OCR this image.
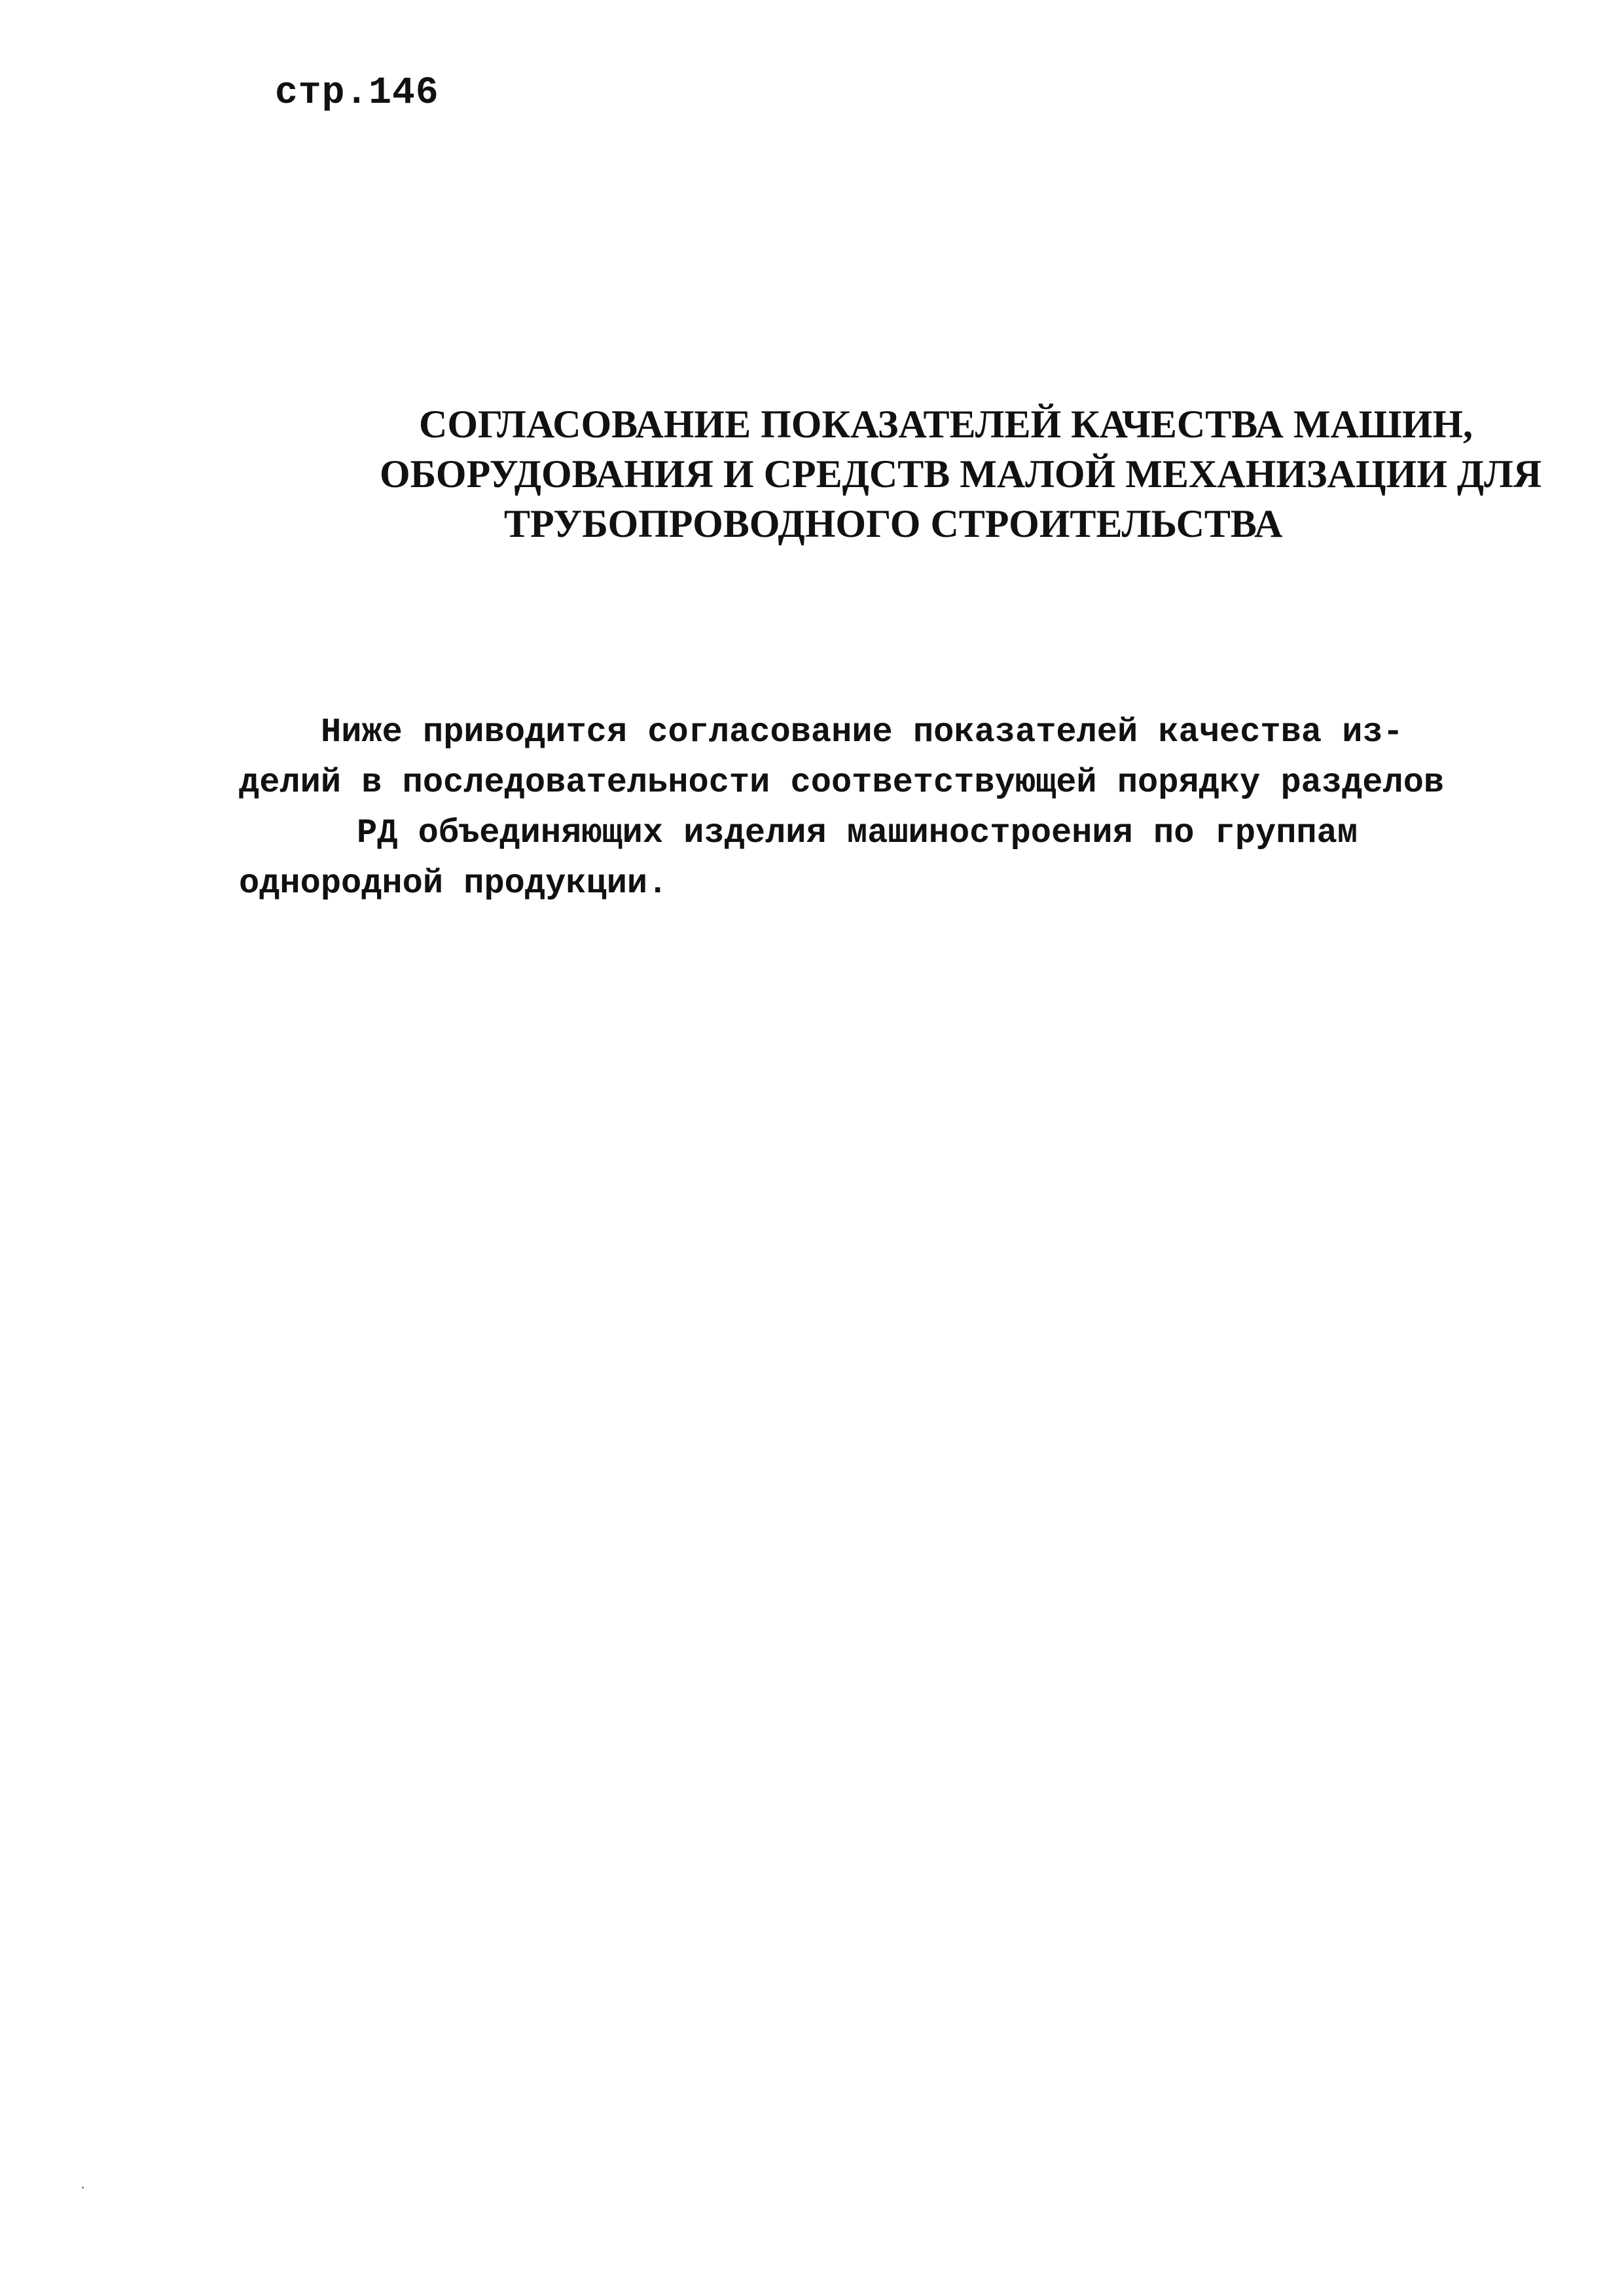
стр.146
СОГЛАСОВАНИЕ ПОКАЗАТЕЛЕЙ КАЧЕСТВА МАШИН,
ОБОРУДОВАНИЯ И СРЕДСТВ МАЛОЙ МЕХАНИЗАЦИИ ДЛЯ
ТРУБОПРОВОДНОГО СТРОИТЕЛЬСТВА
Ниже приводится согласование показателей качества из-
делий в последовательности соответствующей порядку разделов
РД объединяющих изделия машиностроения по группам
однородной продукции.
